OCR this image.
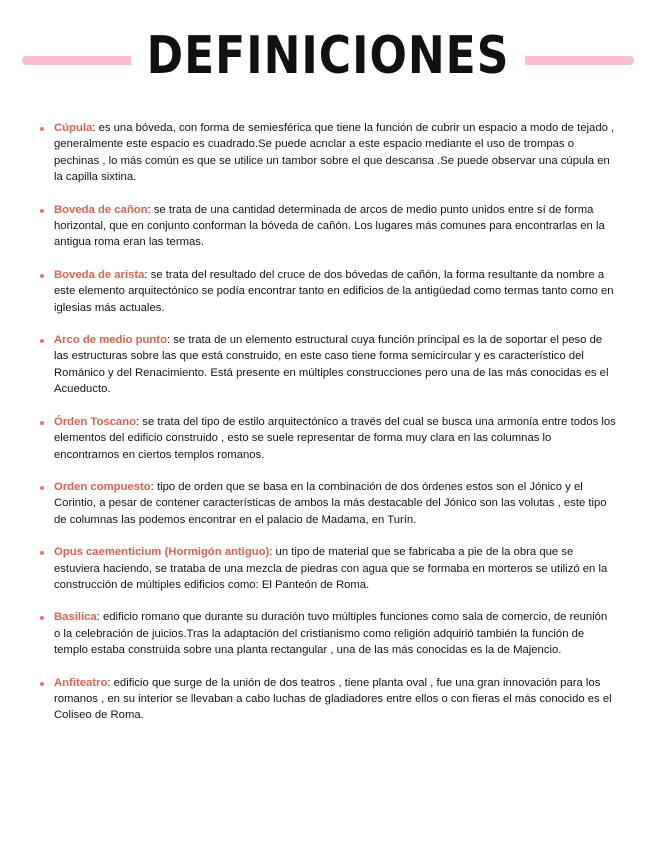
DEFINICIONES

Cúpula: es una bóveda, con forma de semiesférica que tiene la función de cubrir un espacio a modo de tejado , generalmente este espacio es cuadrado.Se puede acnclar a este espacio mediante el uso de trompas o pechinas , lo más común es que se utilice un tambor sobre el que descansa .Se puede observar una cúpula en la capilla sixtina.

Boveda de cañon: se trata de una cantidad determinada de arcos de medio punto unidos entre sí de forma horizontal, que en conjunto conforman la bóveda de cañón. Los lugares más comunes para encontrarlas en la antigua roma eran las termas.

Boveda de arista: se trata del resultado del cruce de dos bóvedas de cañón, la forma resultante da nombre a este elemento arquitectónico se podía encontrar tanto en edificios de la antigüedad como termas tanto como en iglesias más actuales.

Arco de medio punto: se trata de un elemento estructural cuya función principal es la de soportar el peso de las estructuras sobre las que está construido, en este caso tiene forma semicircular y es característico del Románico y del Renacimiento. Está presente en múltiples construcciones pero una de las más conocidas es el Acueducto.

Órden Toscano: se trata del tipo de estilo arquitectónico a través del cual se busca una armonía entre todos los elementos del edificio construido , esto se suele representar de forma muy clara en las columnas lo encontramos en ciertos templos romanos.

Orden compuesto: tipo de orden que se basa en la combinación de dos órdenes estos son el Jónico y el Corintio, a pesar de contener características de ambos la más destacable del Jónico son las volutas , este tipo de columnas las podemos encontrar en el palacio de Madama, en Turín.

Opus caementicium (Hormigón antiguo): un tipo de material que se fabricaba a pie de la obra que se estuviera haciendo, se trataba de una mezcla de piedras con agua que se formaba en morteros se utilizó en la construcción de múltiples edificios como: El Panteón de Roma.

Basilica: edificio romano que durante su duración tuvo múltiples funciones como sala de comercio, de reunión o la celebración de juicios.Tras la adaptación del cristianismo como religión adquirió también la función de templo estaba construida sobre una planta rectangular , una de las más conocidas es la de Majencio.

Anfiteatro: edificio que surge de la unión de dos teatros , tiene planta oval , fue una gran innovación para los romanos , en su interior se llevaban a cabo luchas de gladiadores entre ellos o con fieras el más conocido es el Coliseo de Roma.
